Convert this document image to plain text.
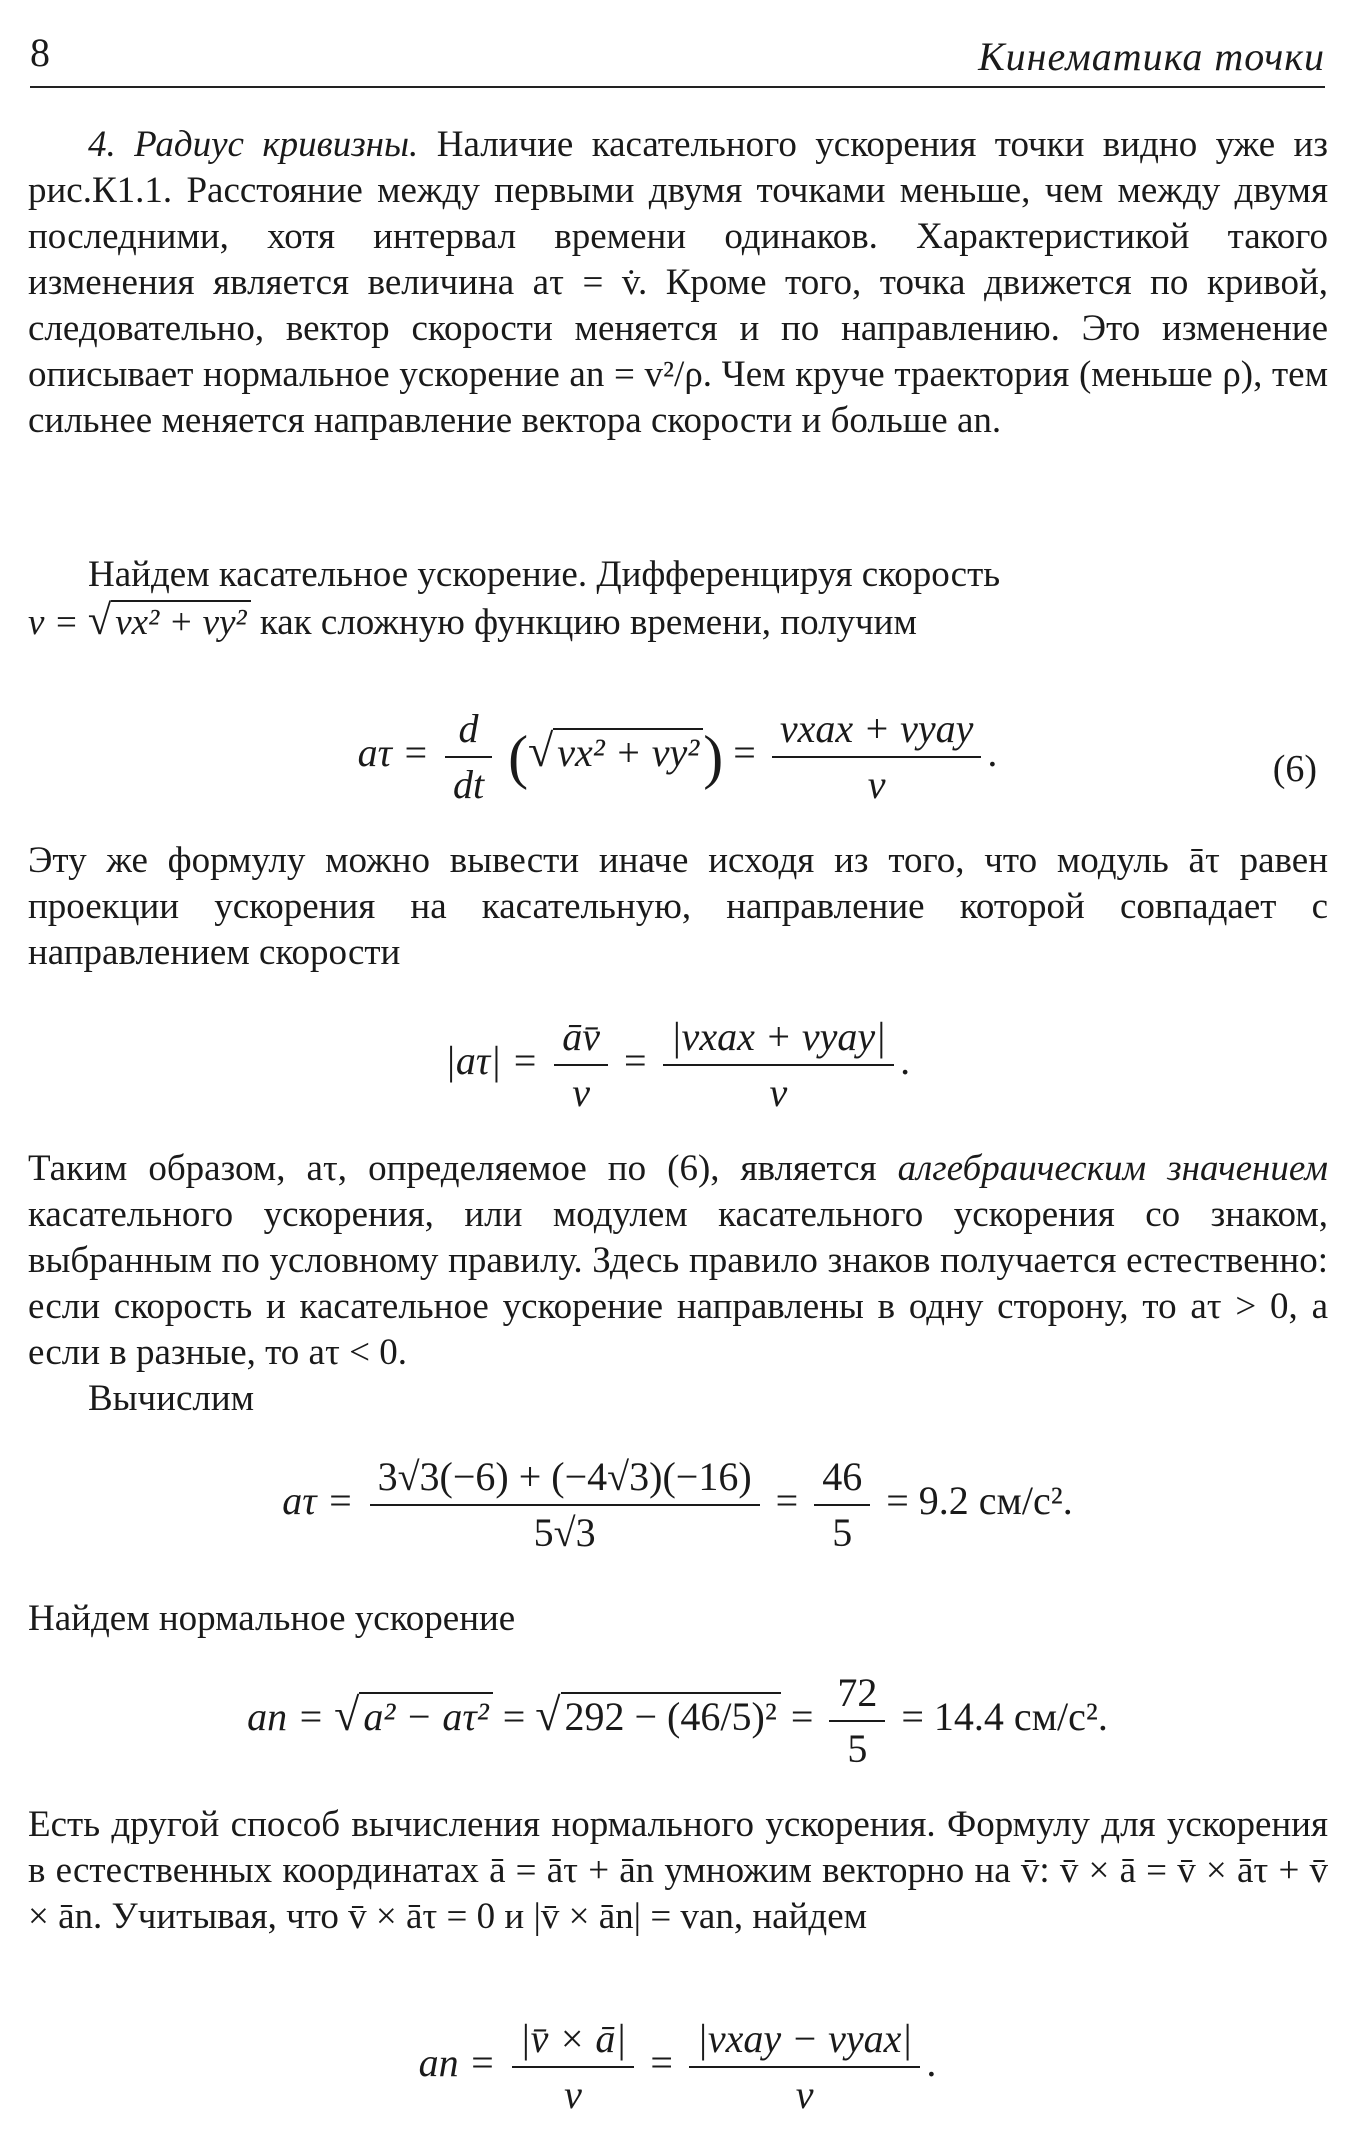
8	Кинематика точки

4. Радиус кривизны. Наличие касательного ускорения точки видно уже из рис.К1.1. Расстояние между первыми двумя точками меньше, чем между двумя последними, хотя интервал времени одинаков. Характеристикой такого изменения является величина aτ = v̇. Кроме того, точка движется по кривой, следовательно, вектор скорости меняется и по направлению. Это изменение описывает нормальное ускорение an = v²/ρ. Чем круче траектория (меньше ρ), тем сильнее меняется направление вектора скорости и больше an.

Найдем касательное ускорение. Дифференцируя скорость

v = √ vx² + vy² как сложную функцию времени, получим

$a\tau = \frac{d}{dt}$ (√ $vx^2 + vy^2) = \frac{\text{vxax + vyay}}{v}$ .	(6)

Эту же формулу можно вывести иначе исходя из того, что модуль āτ равен проекции ускорения на касательную, направление которой совпадает с направлением скорости

$|a\tau| = \frac{āv̄}{v} = \frac{\text{|vxax + vyay|}}{v}$ .

Таким образом, aτ, определяемое по (6), является алгебраическим значением касательного ускорения, или модулем касательного ускорения со знаком, выбранным по условному правилу. Здесь правило знаков получается естественно: если скорость и касательное ускорение направлены в одну сторону, то aτ > 0, а если в разные, то aτ < 0.

Вычислим

$a\tau = \frac{3√3(-6) + (-4√3)(-16)}{5√3} = \frac{46}{5} = 9.2$ см/с².

Найдем нормальное ускорение

an = √ a² − aτ² = √ $292 - (46/5)^2 = \frac{72}{5} = 14.4$ см/с².

Есть другой способ вычисления нормального ускорения. Формулу для ускорения в естественных координатах ā = āτ + ān умножим векторно на v̄: v̄ × ā = v̄ × āτ + v̄ × ān. Учитывая, что v̄ × āτ = 0 и |v̄ × ān| = van, найдем

an = $\frac{|v̄ \times ā|}{v} = \frac{\text{|vxay − vyax|}}{v}$ .
